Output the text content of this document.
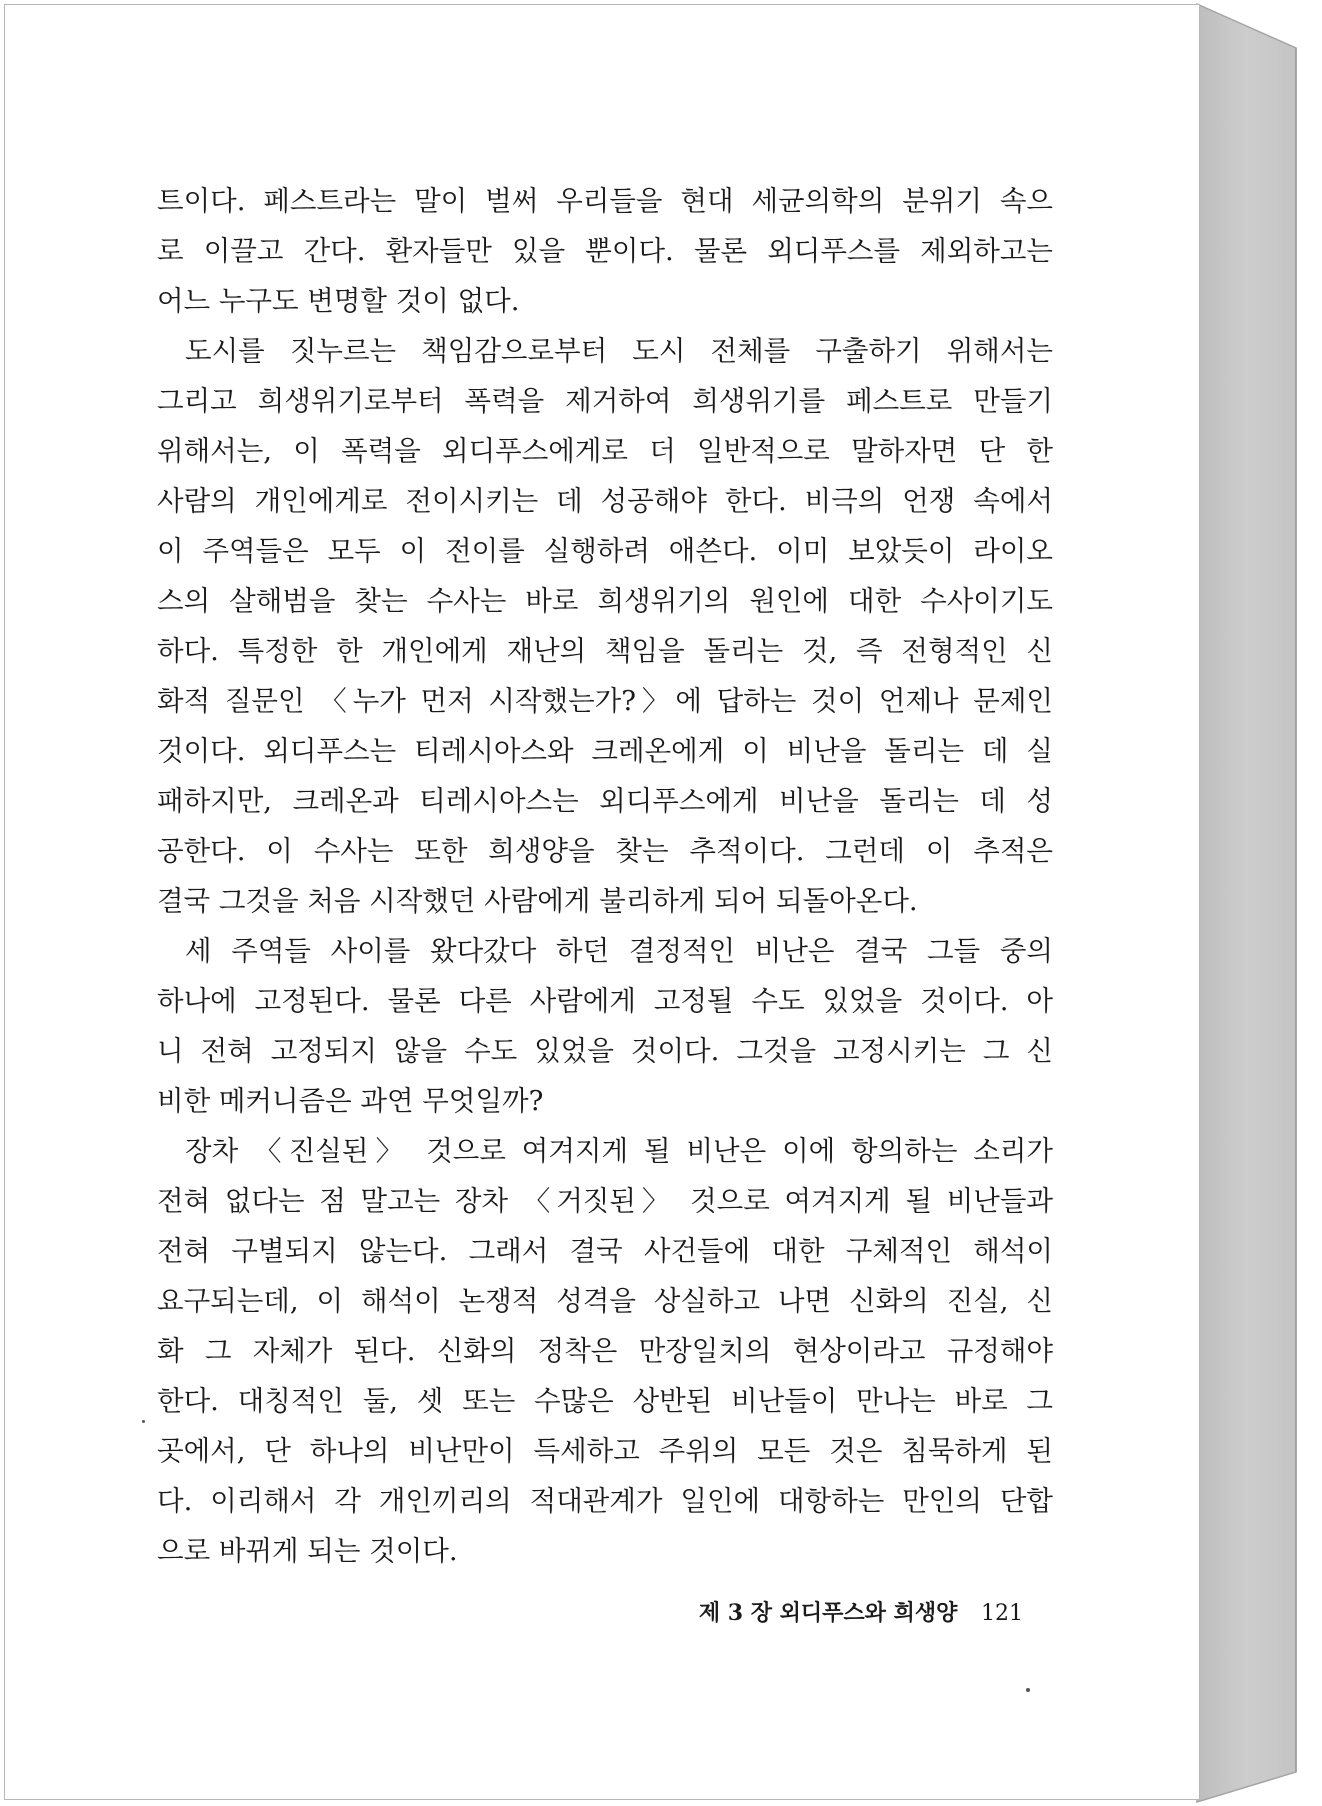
트이다. 페스트라는 말이 벌써 우리들을 현대 세균의학의 분위기 속으
로 이끌고 간다. 환자들만 있을 뿐이다. 물론 외디푸스를 제외하고는
어느 누구도 변명할 것이 없다.
도시를 짓누르는 책임감으로부터 도시 전체를 구출하기 위해서는
그리고 희생위기로부터 폭력을 제거하여 희생위기를 페스트로 만들기
위해서는, 이 폭력을 외디푸스에게로 더 일반적으로 말하자면 단 한
사람의 개인에게로 전이시키는 데 성공해야 한다. 비극의 언쟁 속에서
이 주역들은 모두 이 전이를 실행하려 애쓴다. 이미 보았듯이 라이오
스의 살해범을 찾는 수사는 바로 희생위기의 원인에 대한 수사이기도
하다. 특정한 한 개인에게 재난의 책임을 돌리는 것, 즉 전형적인 신
화적 질문인 〈누가 먼저 시작했는가?〉에 답하는 것이 언제나 문제인
것이다. 외디푸스는 티레시아스와 크레온에게 이 비난을 돌리는 데 실
패하지만, 크레온과 티레시아스는 외디푸스에게 비난을 돌리는 데 성
공한다. 이 수사는 또한 희생양을 찾는 추적이다. 그런데 이 추적은
결국 그것을 처음 시작했던 사람에게 불리하게 되어 되돌아온다.
세 주역들 사이를 왔다갔다 하던 결정적인 비난은 결국 그들 중의
하나에 고정된다. 물론 다른 사람에게 고정될 수도 있었을 것이다. 아
니 전혀 고정되지 않을 수도 있었을 것이다. 그것을 고정시키는 그 신
비한 메커니즘은 과연 무엇일까?
장차 〈진실된〉 것으로 여겨지게 될 비난은 이에 항의하는 소리가
전혀 없다는 점 말고는 장차 〈거짓된〉 것으로 여겨지게 될 비난들과
전혀 구별되지 않는다. 그래서 결국 사건들에 대한 구체적인 해석이
요구되는데, 이 해석이 논쟁적 성격을 상실하고 나면 신화의 진실, 신
화 그 자체가 된다. 신화의 정착은 만장일치의 현상이라고 규정해야
한다. 대칭적인 둘, 셋 또는 수많은 상반된 비난들이 만나는 바로 그
곳에서, 단 하나의 비난만이 득세하고 주위의 모든 것은 침묵하게 된
다. 이리해서 각 개인끼리의 적대관계가 일인에 대항하는 만인의 단합
으로 바뀌게 되는 것이다.
제 3 장 외디푸스와 희생양 121
